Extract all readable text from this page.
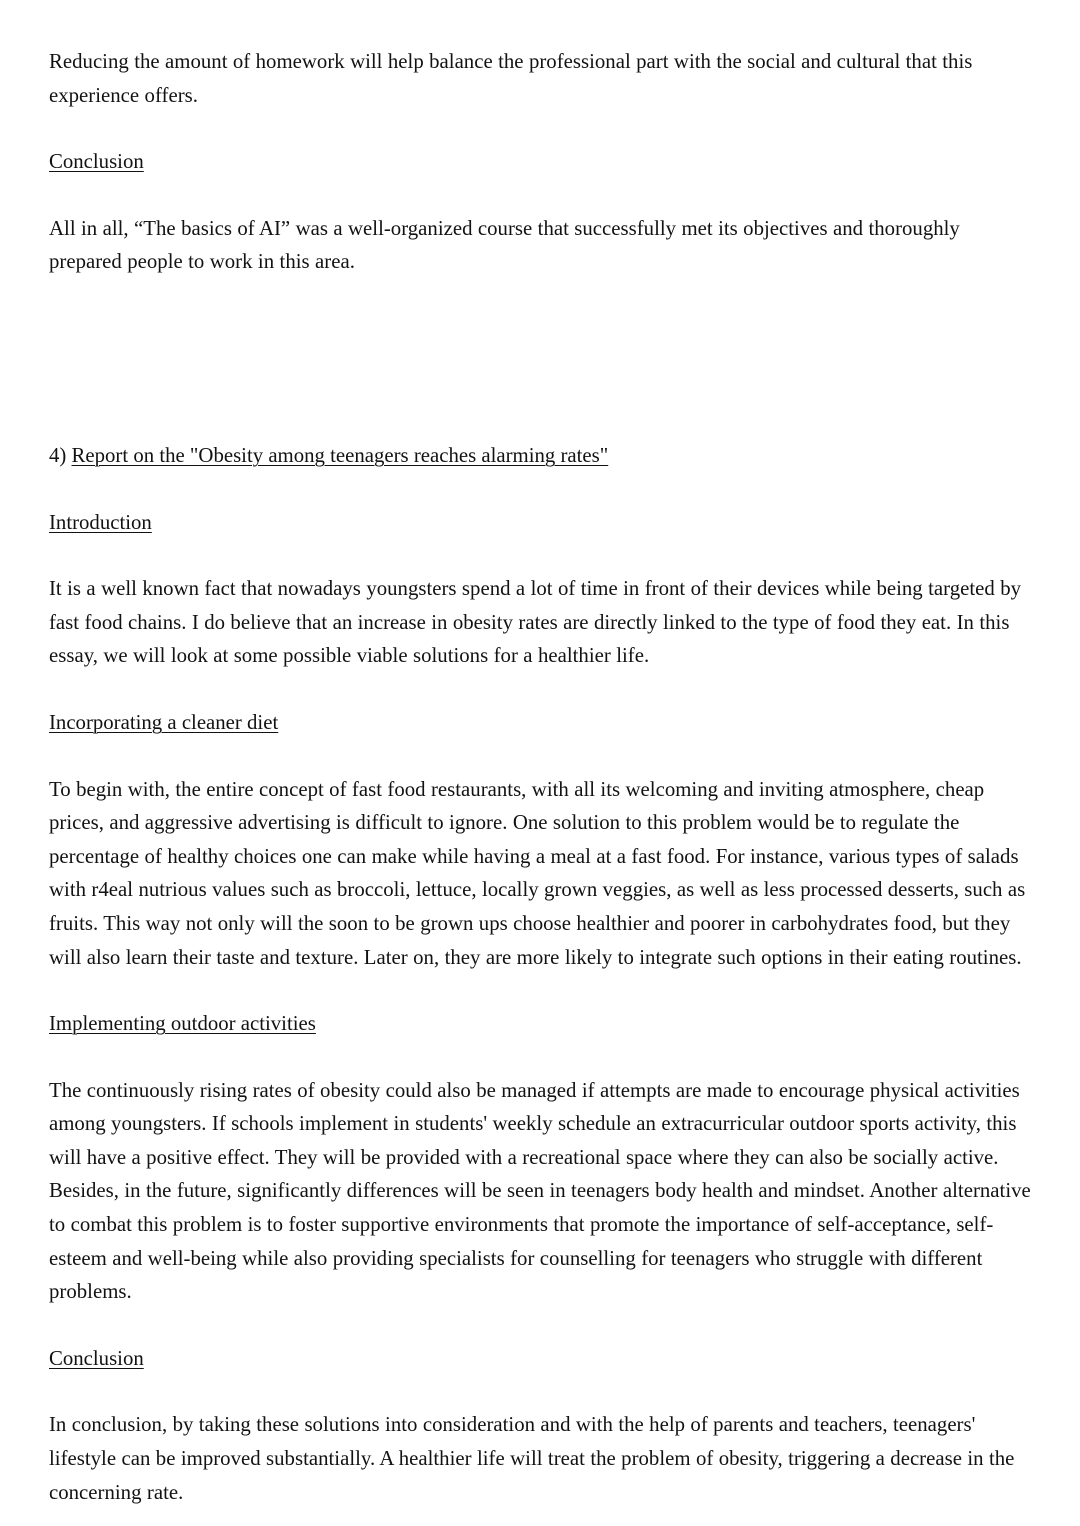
Reducing the amount of homework will help balance the professional part with the social and cultural that this experience offers.

Conclusion

All in all, “The basics of AI” was a well-organized course that successfully met its objectives and thoroughly prepared people to work in this area.

4) Report on the "Obesity among teenagers reaches alarming rates"

Introduction

It is a well known fact that nowadays youngsters spend a lot of time in front of their devices while being targeted by fast food chains. I do believe that an increase in obesity rates are directly linked to the type of food they eat. In this essay, we will look at some possible viable solutions for a healthier life.

Incorporating a cleaner diet

To begin with, the entire concept of fast food restaurants, with all its welcoming and inviting atmosphere, cheap prices, and aggressive advertising is difficult to ignore. One solution to this problem would be to regulate the percentage of healthy choices one can make while having a meal at a fast food. For instance, various types of salads with r4eal nutrious values such as broccoli, lettuce, locally grown veggies, as well as less processed desserts, such as fruits. This way not only will the soon to be grown ups choose healthier and poorer in carbohydrates food, but they will also learn their taste and texture. Later on, they are more likely to integrate such options in their eating routines.

Implementing outdoor activities

The continuously rising rates of obesity could also be managed if attempts are made to encourage physical activities among youngsters. If schools implement in students' weekly schedule an extracurricular outdoor sports activity, this will have a positive effect. They will be provided with a recreational space where they can also be socially active. Besides, in the future, significantly differences will be seen in teenagers body health and mindset. Another alternative to combat this problem is to foster supportive environments that promote the importance of self-acceptance, self-esteem and well-being while also providing specialists for counselling for teenagers who struggle with different problems.

Conclusion

In conclusion, by taking these solutions into consideration and with the help of parents and teachers, teenagers' lifestyle can be improved substantially. A healthier life will treat the problem of obesity, triggering a decrease in the concerning rate.
